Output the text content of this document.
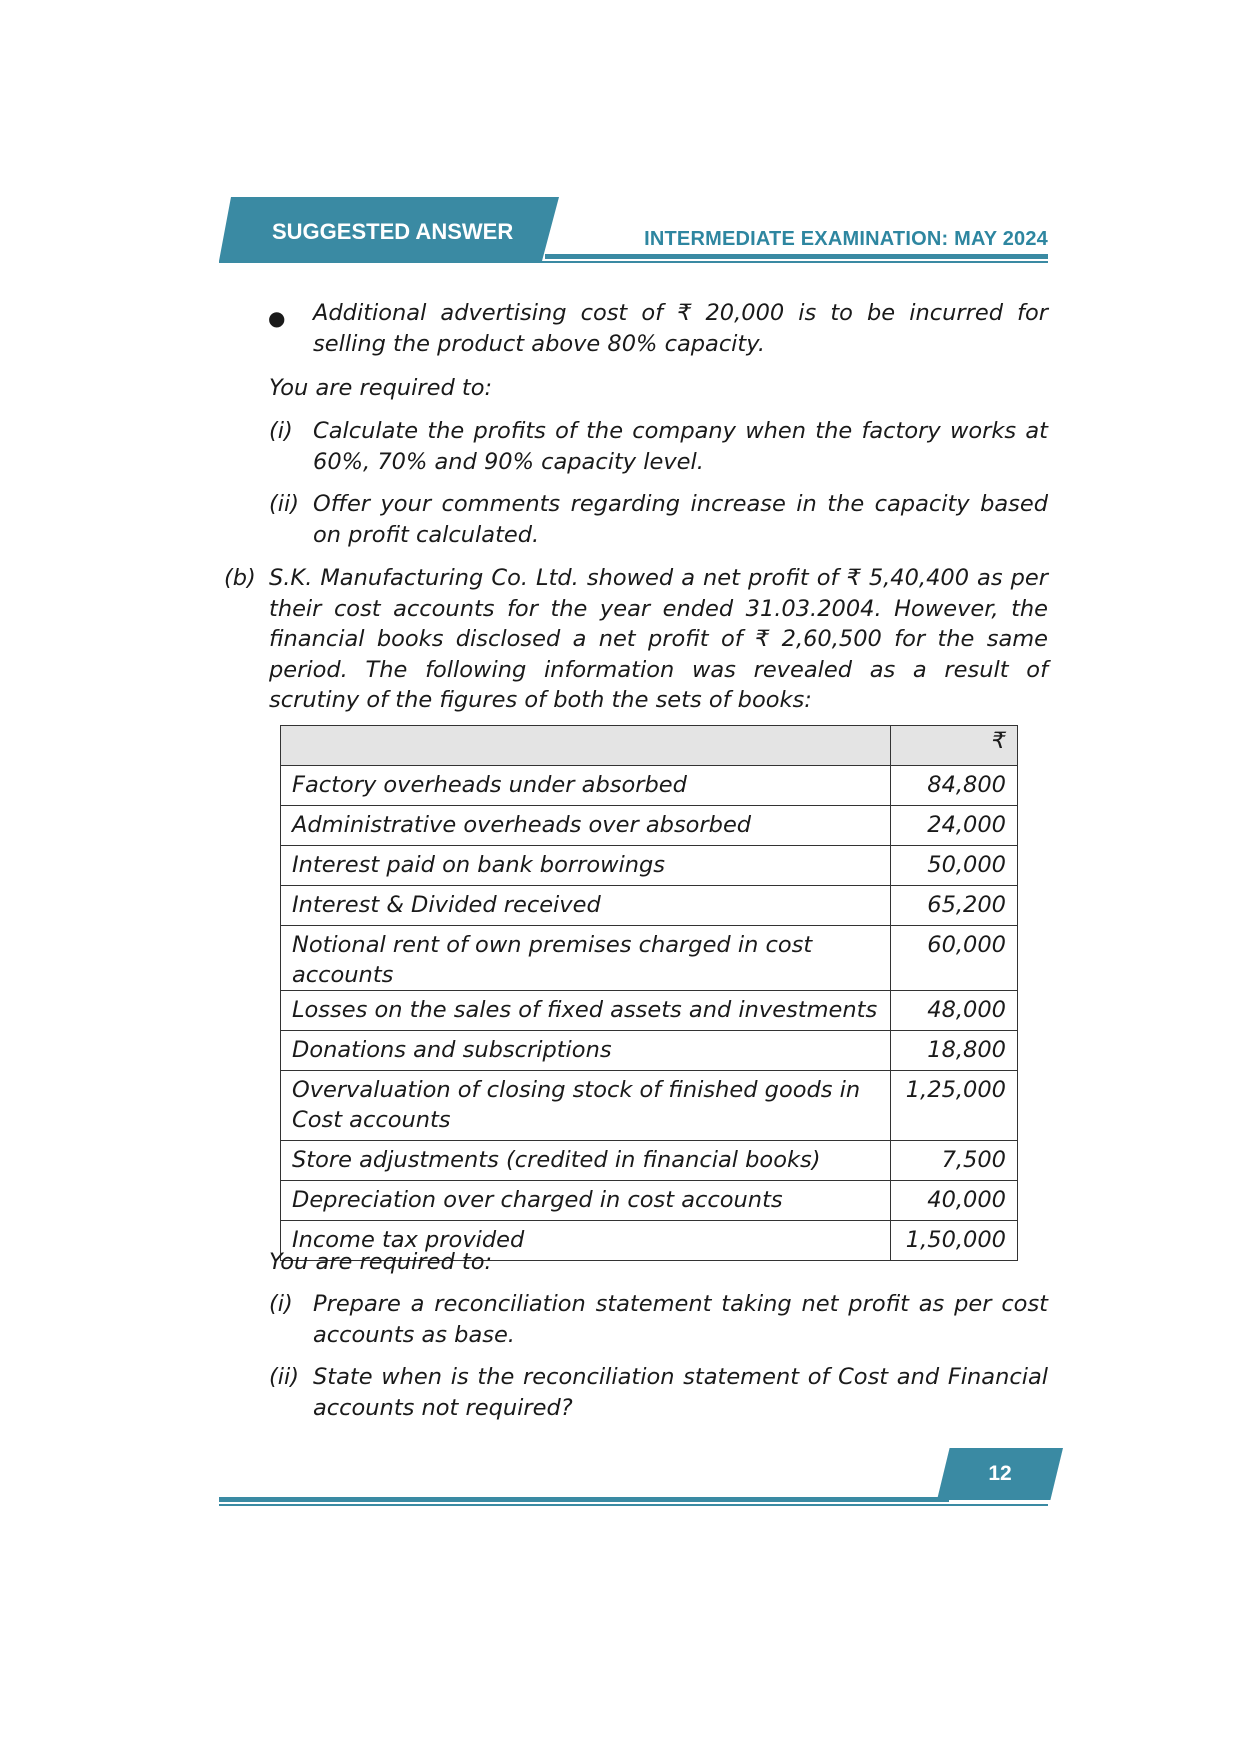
SUGGESTED ANSWER	INTERMEDIATE EXAMINATION: MAY 2024
● Additional advertising cost of ₹ 20,000 is to be incurred for selling the product above 80% capacity.
You are required to:
(i) Calculate the profits of the company when the factory works at 60%, 70% and 90% capacity level.
(ii) Offer your comments regarding increase in the capacity based on profit calculated.
(b) S.K. Manufacturing Co. Ltd. showed a net profit of ₹ 5,40,400 as per their cost accounts for the year ended 31.03.2004. However, the financial books disclosed a net profit of ₹ 2,60,500 for the same period. The following information was revealed as a result of scrutiny of the figures of both the sets of books:
	₹
Factory overheads under absorbed	84,800
Administrative overheads over absorbed	24,000
Interest paid on bank borrowings	50,000
Interest & Divided received	65,200
Notional rent of own premises charged in cost accounts	60,000
Losses on the sales of fixed assets and investments	48,000
Donations and subscriptions	18,800
Overvaluation of closing stock of finished goods in Cost accounts	1,25,000
Store adjustments (credited in financial books)	7,500
Depreciation over charged in cost accounts	40,000
Income tax provided	1,50,000
You are required to:
(i) Prepare a reconciliation statement taking net profit as per cost accounts as base.
(ii) State when is the reconciliation statement of Cost and Financial accounts not required?
12
